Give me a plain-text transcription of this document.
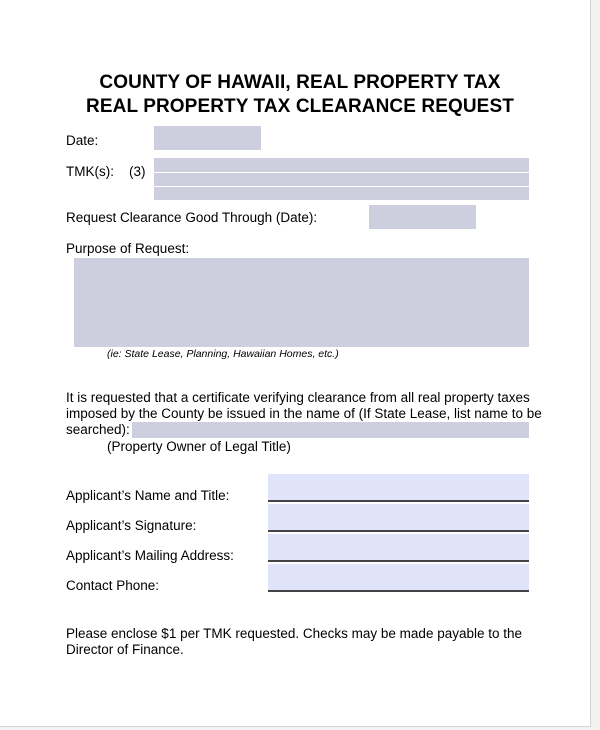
COUNTY OF HAWAII, REAL PROPERTY TAX
REAL PROPERTY TAX CLEARANCE REQUEST
Date:
TMK(s): (3)
Request Clearance Good Through (Date):
Purpose of Request:
(ie: State Lease, Planning, Hawaiian Homes, etc.)
It is requested that a certificate verifying clearance from all real property taxes
imposed by the County be issued in the name of (If State Lease, list name to be
searched):
(Property Owner of Legal Title)
Applicant’s Name and Title:
Applicant’s Signature:
Applicant’s Mailing Address:
Contact Phone:
Please enclose $1 per TMK requested. Checks may be made payable to the
Director of Finance.
